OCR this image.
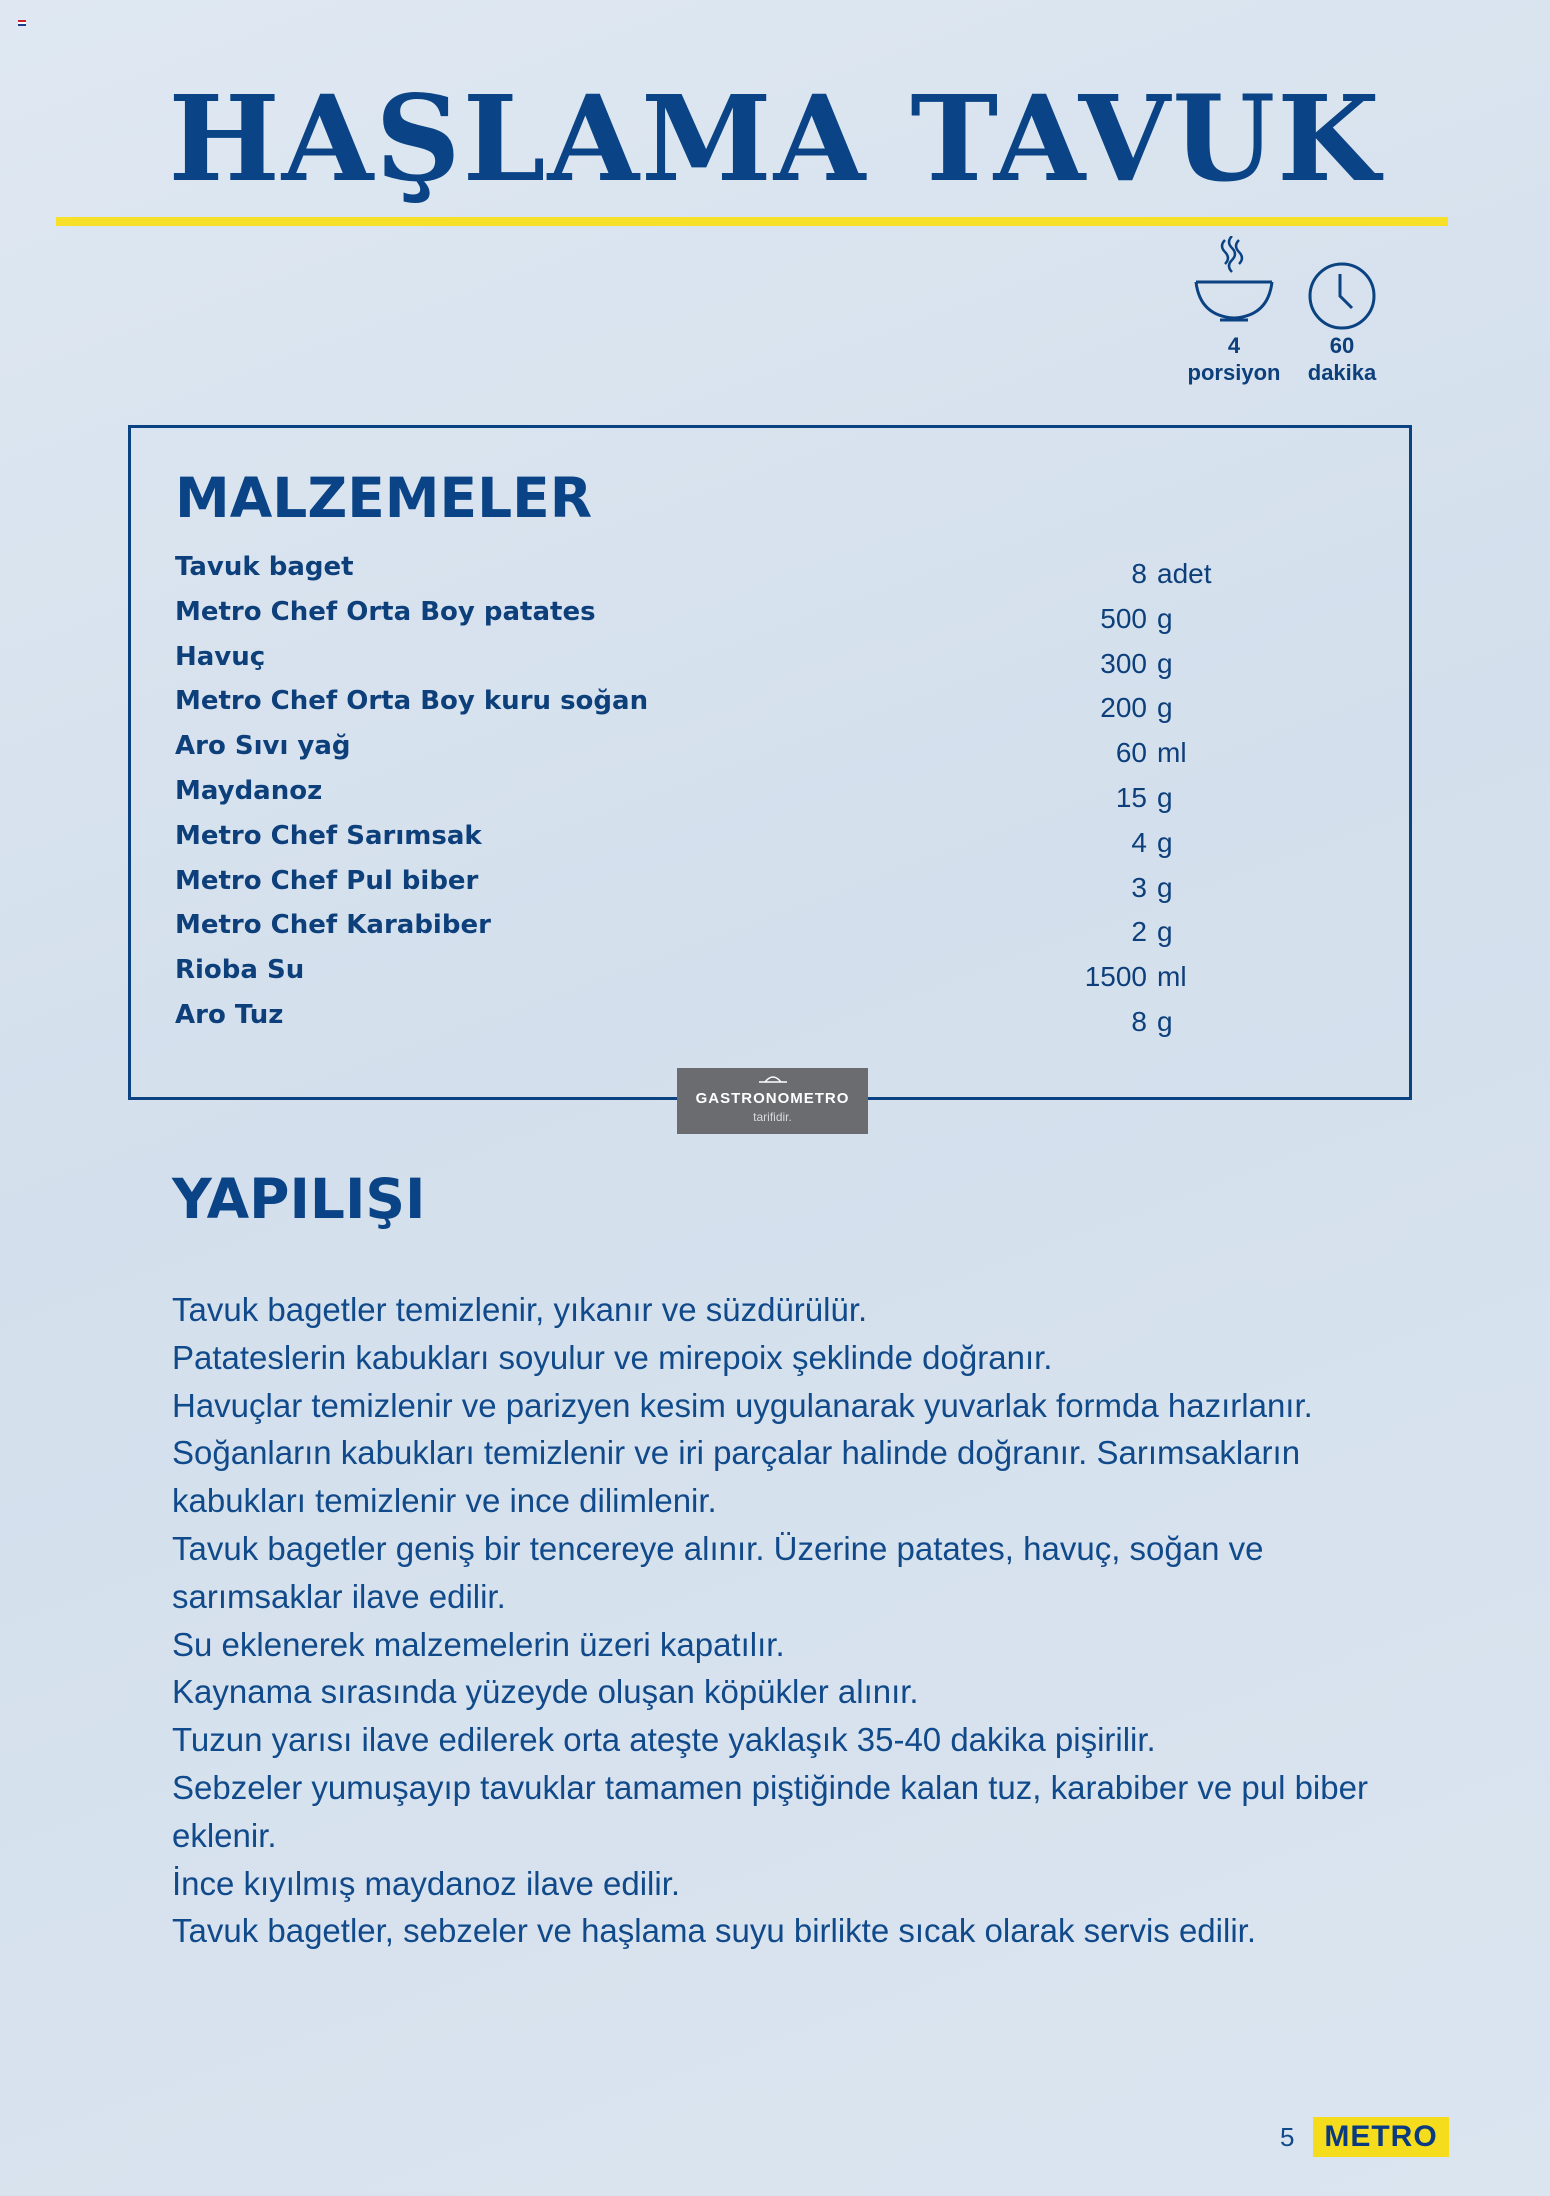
HAŞLAMA TAVUK
4
porsiyon
60
dakika
MALZEMELER
Tavuk baget	8 adet
Metro Chef Orta Boy patates	500 g
Havuç	300 g
Metro Chef Orta Boy kuru soğan	200 g
Aro Sıvı yağ	60 ml
Maydanoz	15 g
Metro Chef Sarımsak	4 g
Metro Chef Pul biber	3 g
Metro Chef Karabiber	2 g
Rioba Su	1500 ml
Aro Tuz	8 g
GASTRONOMETRO
tarifidir.
YAPILIŞI
Tavuk bagetler temizlenir, yıkanır ve süzdürülür.
Patateslerin kabukları soyulur ve mirepoix şeklinde doğranır.
Havuçlar temizlenir ve parizyen kesim uygulanarak yuvarlak formda hazırlanır.
Soğanların kabukları temizlenir ve iri parçalar halinde doğranır. Sarımsakların kabukları temizlenir ve ince dilimlenir.
Tavuk bagetler geniş bir tencereye alınır. Üzerine patates, havuç, soğan ve sarımsaklar ilave edilir.
Su eklenerek malzemelerin üzeri kapatılır.
Kaynama sırasında yüzeyde oluşan köpükler alınır.
Tuzun yarısı ilave edilerek orta ateşte yaklaşık 35-40 dakika pişirilir.
Sebzeler yumuşayıp tavuklar tamamen piştiğinde kalan tuz, karabiber ve pul biber eklenir.
İnce kıyılmış maydanoz ilave edilir.
Tavuk bagetler, sebzeler ve haşlama suyu birlikte sıcak olarak servis edilir.
5 METRO
